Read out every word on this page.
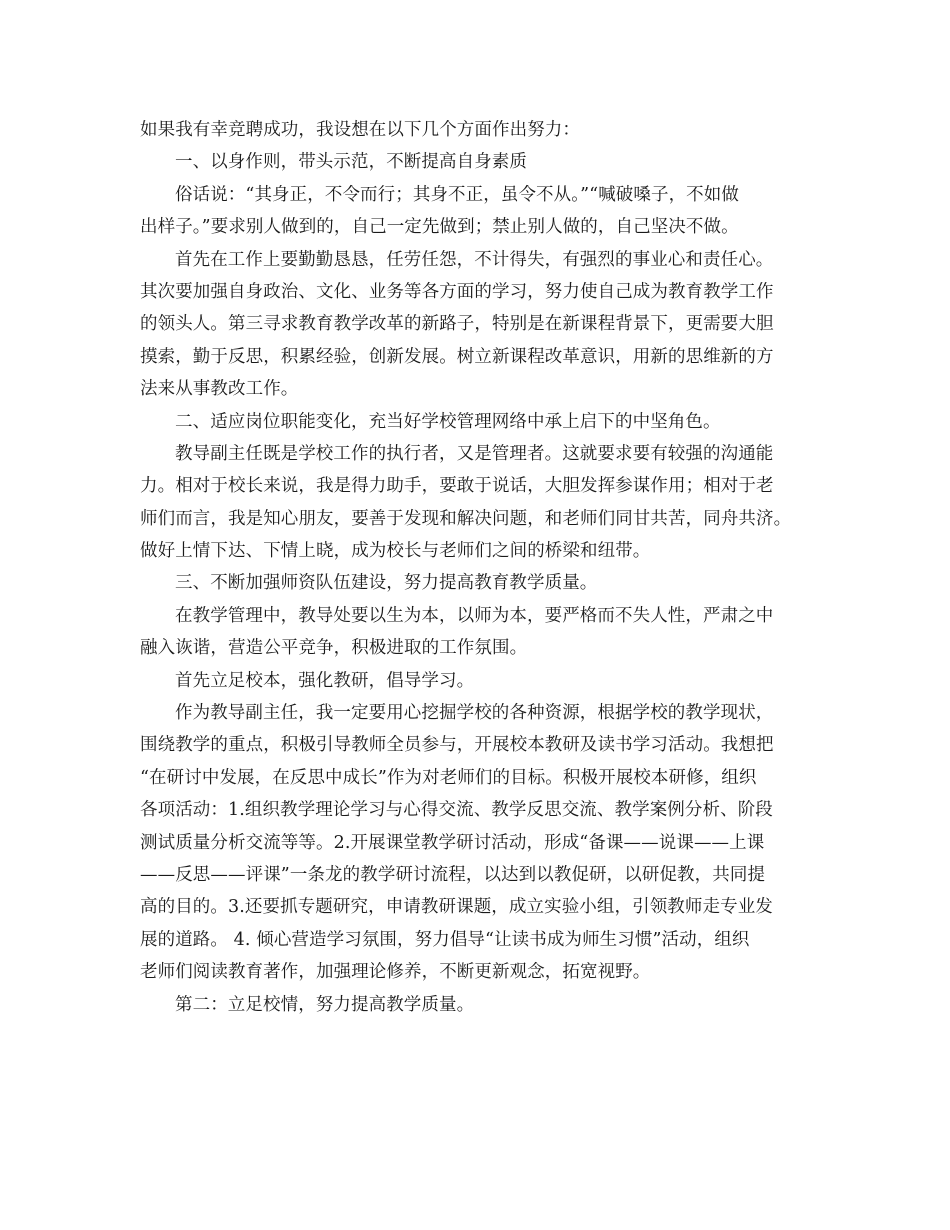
如果我有幸竞聘成功，我设想在以下几个方面作出努力：
一、以身作则，带头示范，不断提高自身素质
俗话说：“其身正，不令而行；其身不正，虽令不从。”“喊破嗓子，不如做
出样子。”要求别人做到的，自己一定先做到；禁止别人做的，自己坚决不做。
首先在工作上要勤勤恳恳，任劳任怨，不计得失，有强烈的事业心和责任心。
其次要加强自身政治、文化、业务等各方面的学习，努力使自己成为教育教学工作
的领头人。第三寻求教育教学改革的新路子，特别是在新课程背景下，更需要大胆
摸索，勤于反思，积累经验，创新发展。树立新课程改革意识，用新的思维新的方
法来从事教改工作。
二、适应岗位职能变化，充当好学校管理网络中承上启下的中坚角色。
教导副主任既是学校工作的执行者，又是管理者。这就要求要有较强的沟通能
力。相对于校长来说，我是得力助手，要敢于说话，大胆发挥参谋作用；相对于老
师们而言，我是知心朋友，要善于发现和解决问题，和老师们同甘共苦，同舟共济。
做好上情下达、下情上晓，成为校长与老师们之间的桥梁和纽带。
三、不断加强师资队伍建设，努力提高教育教学质量。
在教学管理中，教导处要以生为本，以师为本，要严格而不失人性，严肃之中
融入诙谐，营造公平竞争，积极进取的工作氛围。
首先立足校本，强化教研，倡导学习。
作为教导副主任，我一定要用心挖掘学校的各种资源，根据学校的教学现状，
围绕教学的重点，积极引导教师全员参与，开展校本教研及读书学习活动。我想把
“在研讨中发展，在反思中成长”作为对老师们的目标。积极开展校本研修，组织
各项活动：1.组织教学理论学习与心得交流、教学反思交流、教学案例分析、阶段
测试质量分析交流等等。2.开展课堂教学研讨活动，形成“备课——说课——上课
——反思——评课”一条龙的教学研讨流程，以达到以教促研，以研促教，共同提
高的目的。3.还要抓专题研究，申请教研课题，成立实验小组，引领教师走专业发
展的道路。 4. 倾心营造学习氛围，努力倡导“让读书成为师生习惯”活动，组织
老师们阅读教育著作，加强理论修养，不断更新观念，拓宽视野。
第二：立足校情，努力提高教学质量。
